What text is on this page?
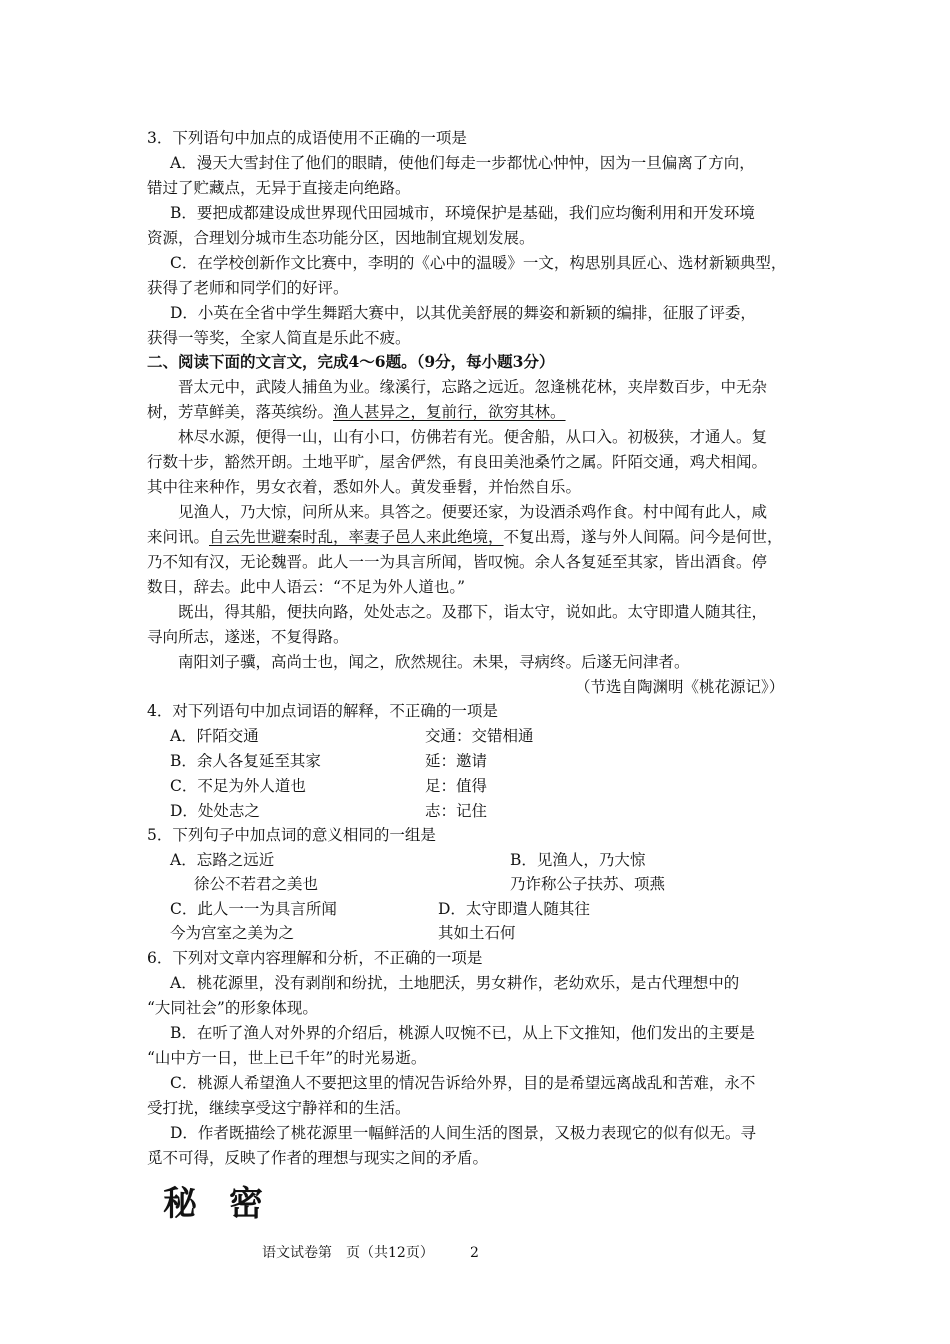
3．下列语句中加点的成语使用不正确的一项是
A．漫天大雪封住了他们的眼睛，使他们每走一步都忧心忡忡，因为一旦偏离了方向，
错过了贮藏点，无异于直接走向绝路。
B．要把成都建设成世界现代田园城市，环境保护是基础，我们应均衡利用和开发环境
资源，合理划分城市生态功能分区，因地制宜规划发展。
C．在学校创新作文比赛中，李明的《心中的温暖》一文，构思别具匠心、选材新颖典型，
获得了老师和同学们的好评。
D．小英在全省中学生舞蹈大赛中，以其优美舒展的舞姿和新颖的编排，征服了评委，
获得一等奖，全家人简直是乐此不疲。
二、阅读下面的文言文，完成4～6题。（9分，每小题3分）
晋太元中，武陵人捕鱼为业。缘溪行，忘路之远近。忽逢桃花林，夹岸数百步，中无杂
树，芳草鲜美，落英缤纷。渔人甚异之，复前行，欲穷其林。
林尽水源，便得一山，山有小口，仿佛若有光。便舍船，从口入。初极狭，才通人。复
行数十步，豁然开朗。土地平旷，屋舍俨然，有良田美池桑竹之属。阡陌交通，鸡犬相闻。
其中往来种作，男女衣着，悉如外人。黄发垂髫，并怡然自乐。
见渔人，乃大惊，问所从来。具答之。便要还家，为设酒杀鸡作食。村中闻有此人，咸
来问讯。自云先世避秦时乱，率妻子邑人来此绝境，不复出焉，遂与外人间隔。问今是何世，
乃不知有汉，无论魏晋。此人一一为具言所闻，皆叹惋。余人各复延至其家，皆出酒食。停
数日，辞去。此中人语云：“不足为外人道也。”
既出，得其船，便扶向路，处处志之。及郡下，诣太守，说如此。太守即遣人随其往，
寻向所志，遂迷，不复得路。
南阳刘子骥，高尚士也，闻之，欣然规往。未果，寻病终。后遂无问津者。
（节选自陶渊明《桃花源记》）
4．对下列语句中加点词语的解释，不正确的一项是
A．阡陌交通	交通：交错相通
B．余人各复延至其家	延：邀请
C．不足为外人道也	足：值得
D．处处志之	志：记住
5．下列句子中加点词的意义相同的一组是
A．忘路之远近
徐公不若君之美也
B．见渔人，乃大惊
乃诈称公子扶苏、项燕
C．此人一一为具言所闻
今为宫室之美为之
D．太守即遣人随其往
其如土石何
6．下列对文章内容理解和分析，不正确的一项是
A．桃花源里，没有剥削和纷扰，土地肥沃，男女耕作，老幼欢乐，是古代理想中的
“大同社会”的形象体现。
B．在听了渔人对外界的介绍后，桃源人叹惋不已，从上下文推知，他们发出的主要是
“山中方一日，世上已千年”的时光易逝。
C．桃源人希望渔人不要把这里的情况告诉给外界，目的是希望远离战乱和苦难，永不
受打扰，继续享受这宁静祥和的生活。
D．作者既描绘了桃花源里一幅鲜活的人间生活的图景，又极力表现它的似有似无。寻
觅不可得，反映了作者的理想与现实之间的矛盾。
秘密
语文试卷第　页（共12页）	2
